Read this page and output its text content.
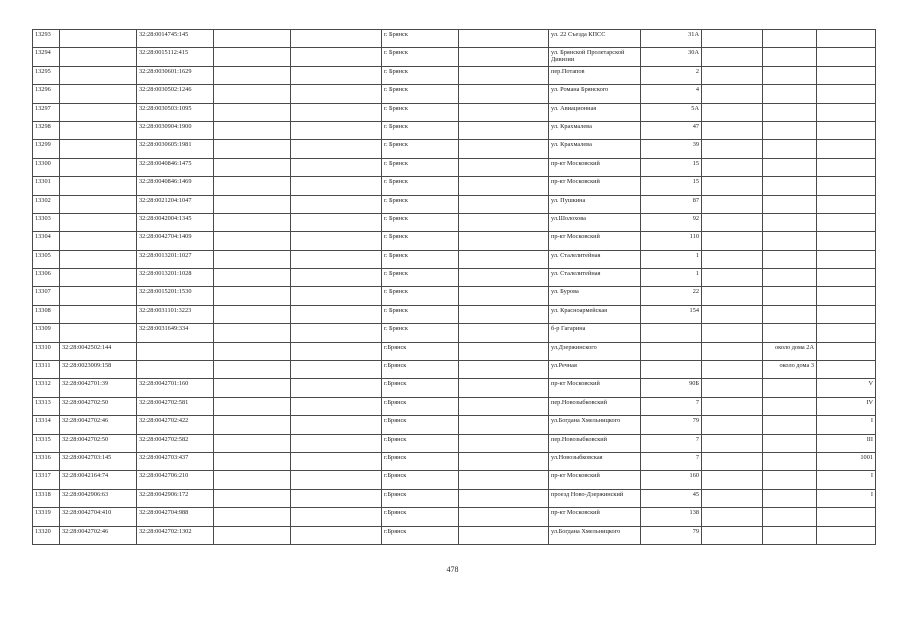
13293		32:28:0014745:145			г. Брянск		ул. 22 Съезда КПСС	31А			
13294		32:28:0015112:415			г. Брянск		ул. Брянской Пролетарской Дивизии	30А			
13295		32:28:0030601:1629			г. Брянск		пер.Потапов	2			
13296		32:28:0030502:1246			г. Брянск		ул. Романа Брянского	4			
13297		32:28:0030503:1095			г. Брянск		ул. Авиационная	5А			
13298		32:28:0030904:1900			г. Брянск		ул. Крахмалева	47			
13299		32:28:0030605:1981			г. Брянск		ул. Крахмалева	39			
13300		32:28:0040846:1475			г. Брянск		пр-кт Московский	15			
13301		32:28:0040846:1469			г. Брянск		пр-кт Московский	15			
13302		32:28:0021204:1047			г. Брянск		ул. Пушкина	87			
13303		32:28:0042004:1345			г. Брянск		ул.Шолохова	92			
13304		32:28:0042704:1409			г. Брянск		пр-кт Московский	110			
13305		32:28:0013201:1027			г. Брянск		ул. Сталелитейная	1			
13306		32:28:0013201:1028			г. Брянск		ул. Сталелитейная	1			
13307		32:28:0015201:1530			г. Брянск		ул. Бурова	22			
13308		32:28:0031101:3223			г. Брянск		ул. Красноармейская	154			
13309		32:28:0031649:334			г. Брянск		б-р Гагарина				
13310	32:28:0042502:144				г.Брянск		ул.Дзержинского			около дома 2А	
13311	32:28:0023009:158				г.Брянск		ул.Речная			около дома 3	
13312	32:28:0042701:39	32:28:0042701:160			г.Брянск		пр-кт Московский	90Б			V
13313	32:28:0042702:50	32:28:0042702:581			г.Брянск		пер.Новозыбковский	7			IV
13314	32:28:0042702:46	32:28:0042702:422			г.Брянск		ул.Богдана Хмельницкого	79			I
13315	32:28:0042702:50	32:28:0042702:582			г.Брянск		пер.Новозыбковский	7			III
13316	32:28:0042703:145	32:28:0042703:437			г.Брянск		ул.Новозыбковская	7			1001
13317	32:28:0042164:74	32:28:0042706:210			г.Брянск		пр-кт Московский	160			I
13318	32:28:0042906:63	32:28:0042906:172			г.Брянск		проезд Ново-Дзержинский	45			I
13319	32:28:0042704:410	32:28:0042704:988			г.Брянск		пр-кт Московский	138			
13320	32:28:0042702:46	32:28:0042702:1302			г.Брянск		ул.Богдана Хмельницкого	79			
478
